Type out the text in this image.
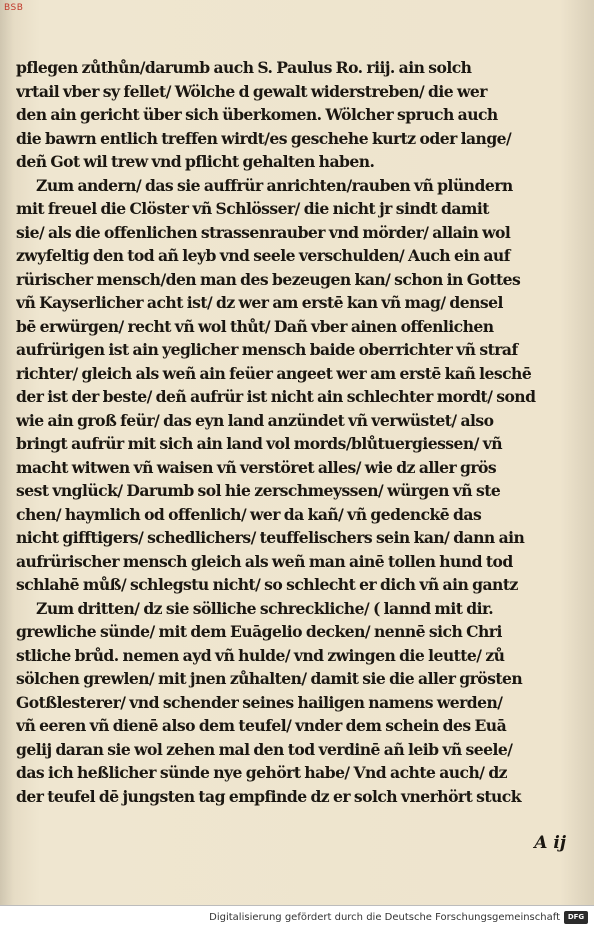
BSB
pflegen zůthůn/darumb auch S. Paulus Ro. riij. ain solch
vrtail vber sy fellet/ Wölche d gewalt widerstreben/ die wer
den ain gericht über sich überkomen. Wölcher spruch auch
die bawrn entlich treffen wirdt/es geschehe kurtz oder lange/
deñ Got wil trew vnd pflicht gehalten haben.
Zum andern/ das sie auffrür anrichten/rauben vñ plündern
mit freuel die Clöster vñ Schlösser/ die nicht jr sindt damit
sie/ als die offenlichen strassenrauber vnd mörder/ allain wol
zwyfeltig den tod añ leyb vnd seele verschulden/ Auch ein auf
rürischer mensch/den man des bezeugen kan/ schon in Gottes
vñ Kayserlicher acht ist/ dz wer am erstē kan vñ mag/ densel
bē erwürgen/ recht vñ wol thůt/ Dañ vber ainen offenlichen
aufrürigen ist ain yeglicher mensch baide oberrichter vñ straf
richter/ gleich als weñ ain feüer angeet wer am erstē kañ leschē
der ist der beste/ deñ aufrür ist nicht ain schlechter mordt/ sond
wie ain groß feür/ das eyn land anzündet vñ verwüstet/ also
bringt aufrür mit sich ain land vol mords/blůtuergiessen/ vñ
macht witwen vñ waisen vñ verstöret alles/ wie dz aller grös
sest vnglück/ Darumb sol hie zerschmeyssen/ würgen vñ ste
chen/ haymlich od offenlich/ wer da kañ/ vñ gedenckē das
nicht gifftigers/ schedlichers/ teuffelischers sein kan/ dann ain
aufrürischer mensch gleich als weñ man ainē tollen hund tod
schlahē můß/ schlegstu nicht/ so schlecht er dich vñ ain gantz
Zum dritten/ dz sie sölliche schreckliche/ ( lannd mit dir.
grewliche sünde/ mit dem Euāgelio decken/ nennē sich Chri
stliche brůd. nemen ayd vñ hulde/ vnd zwingen die leutte/ zů
sölchen grewlen/ mit jnen zůhalten/ damit sie die aller grösten
Gotßlesterer/ vnd schender seines hailigen namens werden/
vñ eeren vñ dienē also dem teufel/ vnder dem schein des Euā
gelij daran sie wol zehen mal den tod verdinē añ leib vñ seele/
das ich heßlicher sünde nye gehört habe/ Vnd achte auch/ dz
der teufel dē jungsten tag empfinde dz er solch vnerhört stuck
A ij
Digitalisierung gefördert durch die Deutsche Forschungsgemeinschaft	DFG
